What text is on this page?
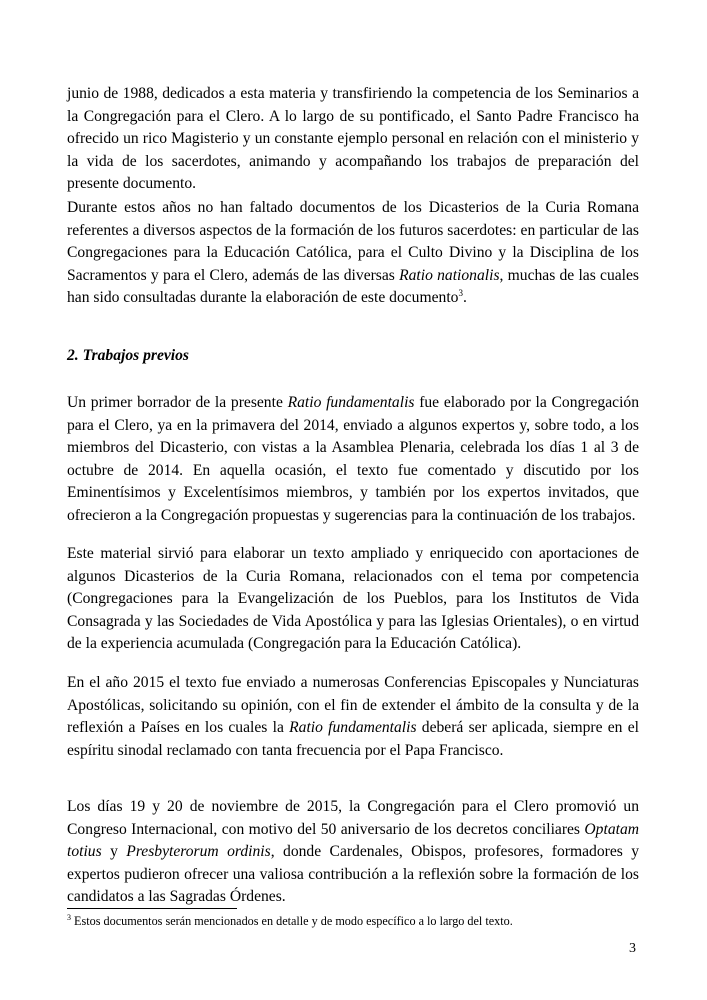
junio de 1988, dedicados a esta materia y transfiriendo la competencia de los Seminarios a la Congregación para el Clero. A lo largo de su pontificado, el Santo Padre Francisco ha ofrecido un rico Magisterio y un constante ejemplo personal en relación con el ministerio y la vida de los sacerdotes, animando y acompañando los trabajos de preparación del presente documento.

Durante estos años no han faltado documentos de los Dicasterios de la Curia Romana referentes a diversos aspectos de la formación de los futuros sacerdotes: en particular de las Congregaciones para la Educación Católica, para el Culto Divino y la Disciplina de los Sacramentos y para el Clero, además de las diversas Ratio nationalis, muchas de las cuales han sido consultadas durante la elaboración de este documento$^3$.

2. Trabajos previos

Un primer borrador de la presente Ratio fundamentalis fue elaborado por la Congregación para el Clero, ya en la primavera del 2014, enviado a algunos expertos y, sobre todo, a los miembros del Dicasterio, con vistas a la Asamblea Plenaria, celebrada los días 1 al 3 de octubre de 2014. En aquella ocasión, el texto fue comentado y discutido por los Eminentísimos y Excelentísimos miembros, y también por los expertos invitados, que ofrecieron a la Congregación propuestas y sugerencias para la continuación de los trabajos.

Este material sirvió para elaborar un texto ampliado y enriquecido con aportaciones de algunos Dicasterios de la Curia Romana, relacionados con el tema por competencia (Congregaciones para la Evangelización de los Pueblos, para los Institutos de Vida Consagrada y las Sociedades de Vida Apostólica y para las Iglesias Orientales), o en virtud de la experiencia acumulada (Congregación para la Educación Católica).

En el año 2015 el texto fue enviado a numerosas Conferencias Episcopales y Nunciaturas Apostólicas, solicitando su opinión, con el fin de extender el ámbito de la consulta y de la reflexión a Países en los cuales la Ratio fundamentalis deberá ser aplicada, siempre en el espíritu sinodal reclamado con tanta frecuencia por el Papa Francisco.

Los días 19 y 20 de noviembre de 2015, la Congregación para el Clero promovió un Congreso Internacional, con motivo del 50 aniversario de los decretos conciliares Optatam totius y Presbyterorum ordinis, donde Cardenales, Obispos, profesores, formadores y expertos pudieron ofrecer una valiosa contribución a la reflexión sobre la formación de los candidatos a las Sagradas Órdenes.

$^3$ Estos documentos serán mencionados en detalle y de modo específico a lo largo del texto.
3
